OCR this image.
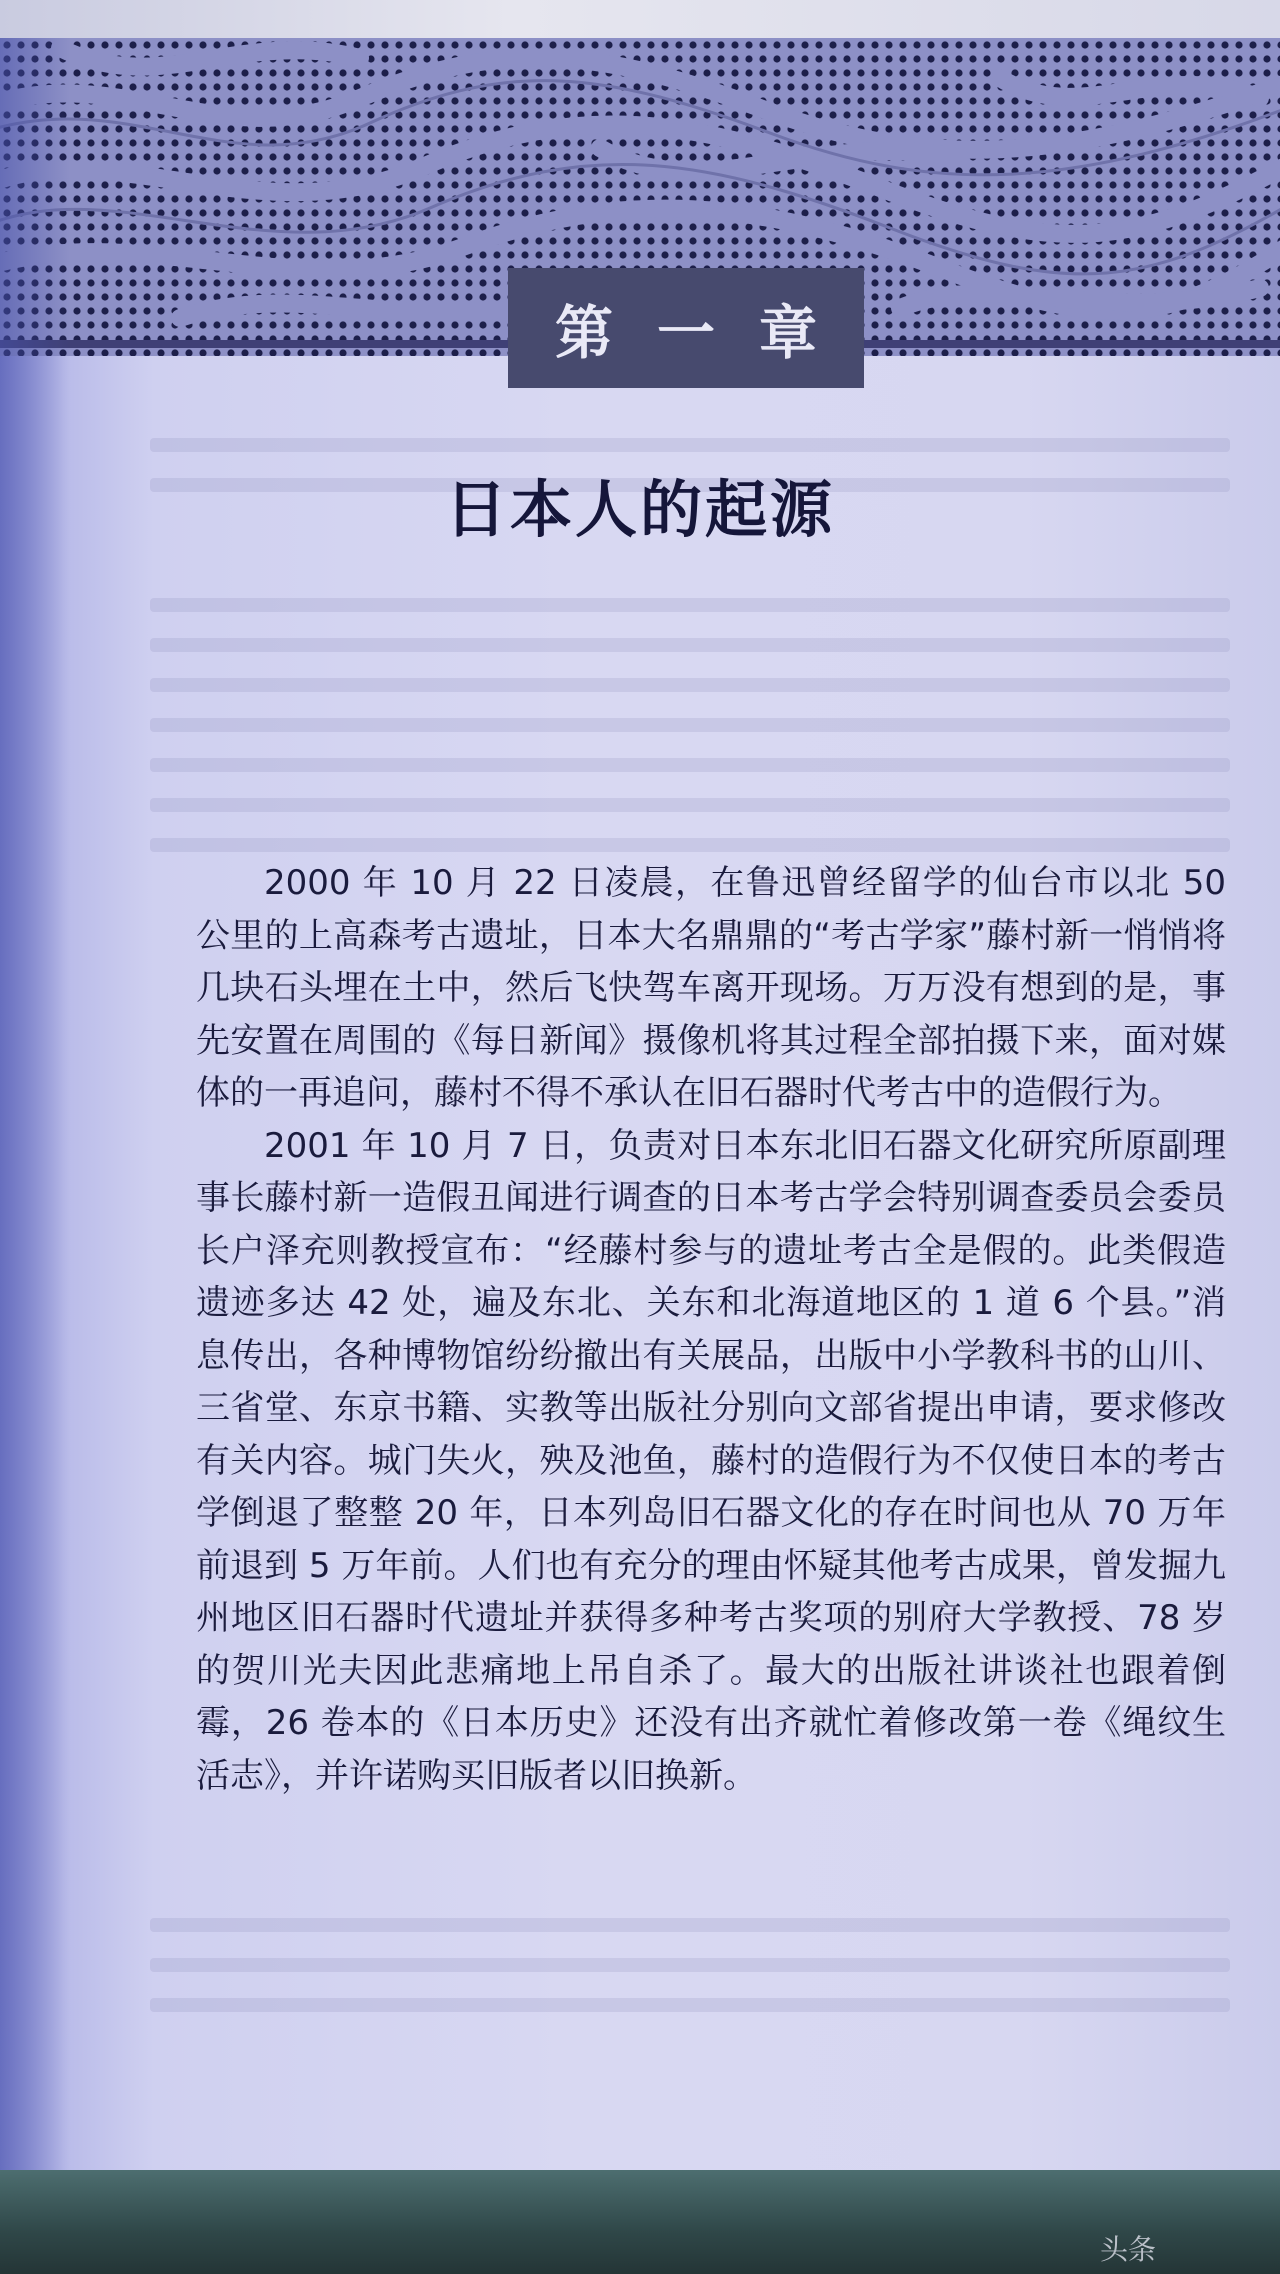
第一章
日本人的起源

2000 年 10 月 22 日凌晨，在鲁迅曾经留学的仙台市以北 50 公里的上高森考古遗址，日本大名鼎鼎的“考古学家”藤村新一悄悄将几块石头埋在土中，然后飞快驾车离开现场。万万没有想到的是，事先安置在周围的《每日新闻》摄像机将其过程全部拍摄下来，面对媒体的一再追问，藤村不得不承认在旧石器时代考古中的造假行为。

2001 年 10 月 7 日，负责对日本东北旧石器文化研究所原副理事长藤村新一造假丑闻进行调查的日本考古学会特别调查委员会委员长户泽充则教授宣布：“经藤村参与的遗址考古全是假的。此类假造遗迹多达 42 处，遍及东北、关东和北海道地区的 1 道 6 个县。”消息传出，各种博物馆纷纷撤出有关展品，出版中小学教科书的山川、三省堂、东京书籍、实教等出版社分别向文部省提出申请，要求修改有关内容。城门失火，殃及池鱼，藤村的造假行为不仅使日本的考古学倒退了整整 20 年，日本列岛旧石器文化的存在时间也从 70 万年前退到 5 万年前。人们也有充分的理由怀疑其他考古成果，曾发掘九州地区旧石器时代遗址并获得多种考古奖项的别府大学教授、78 岁的贺川光夫因此悲痛地上吊自杀了。最大的出版社讲谈社也跟着倒霉，26 卷本的《日本历史》还没有出齐就忙着修改第一卷《绳纹生活志》，并许诺购买旧版者以旧换新。

头条
